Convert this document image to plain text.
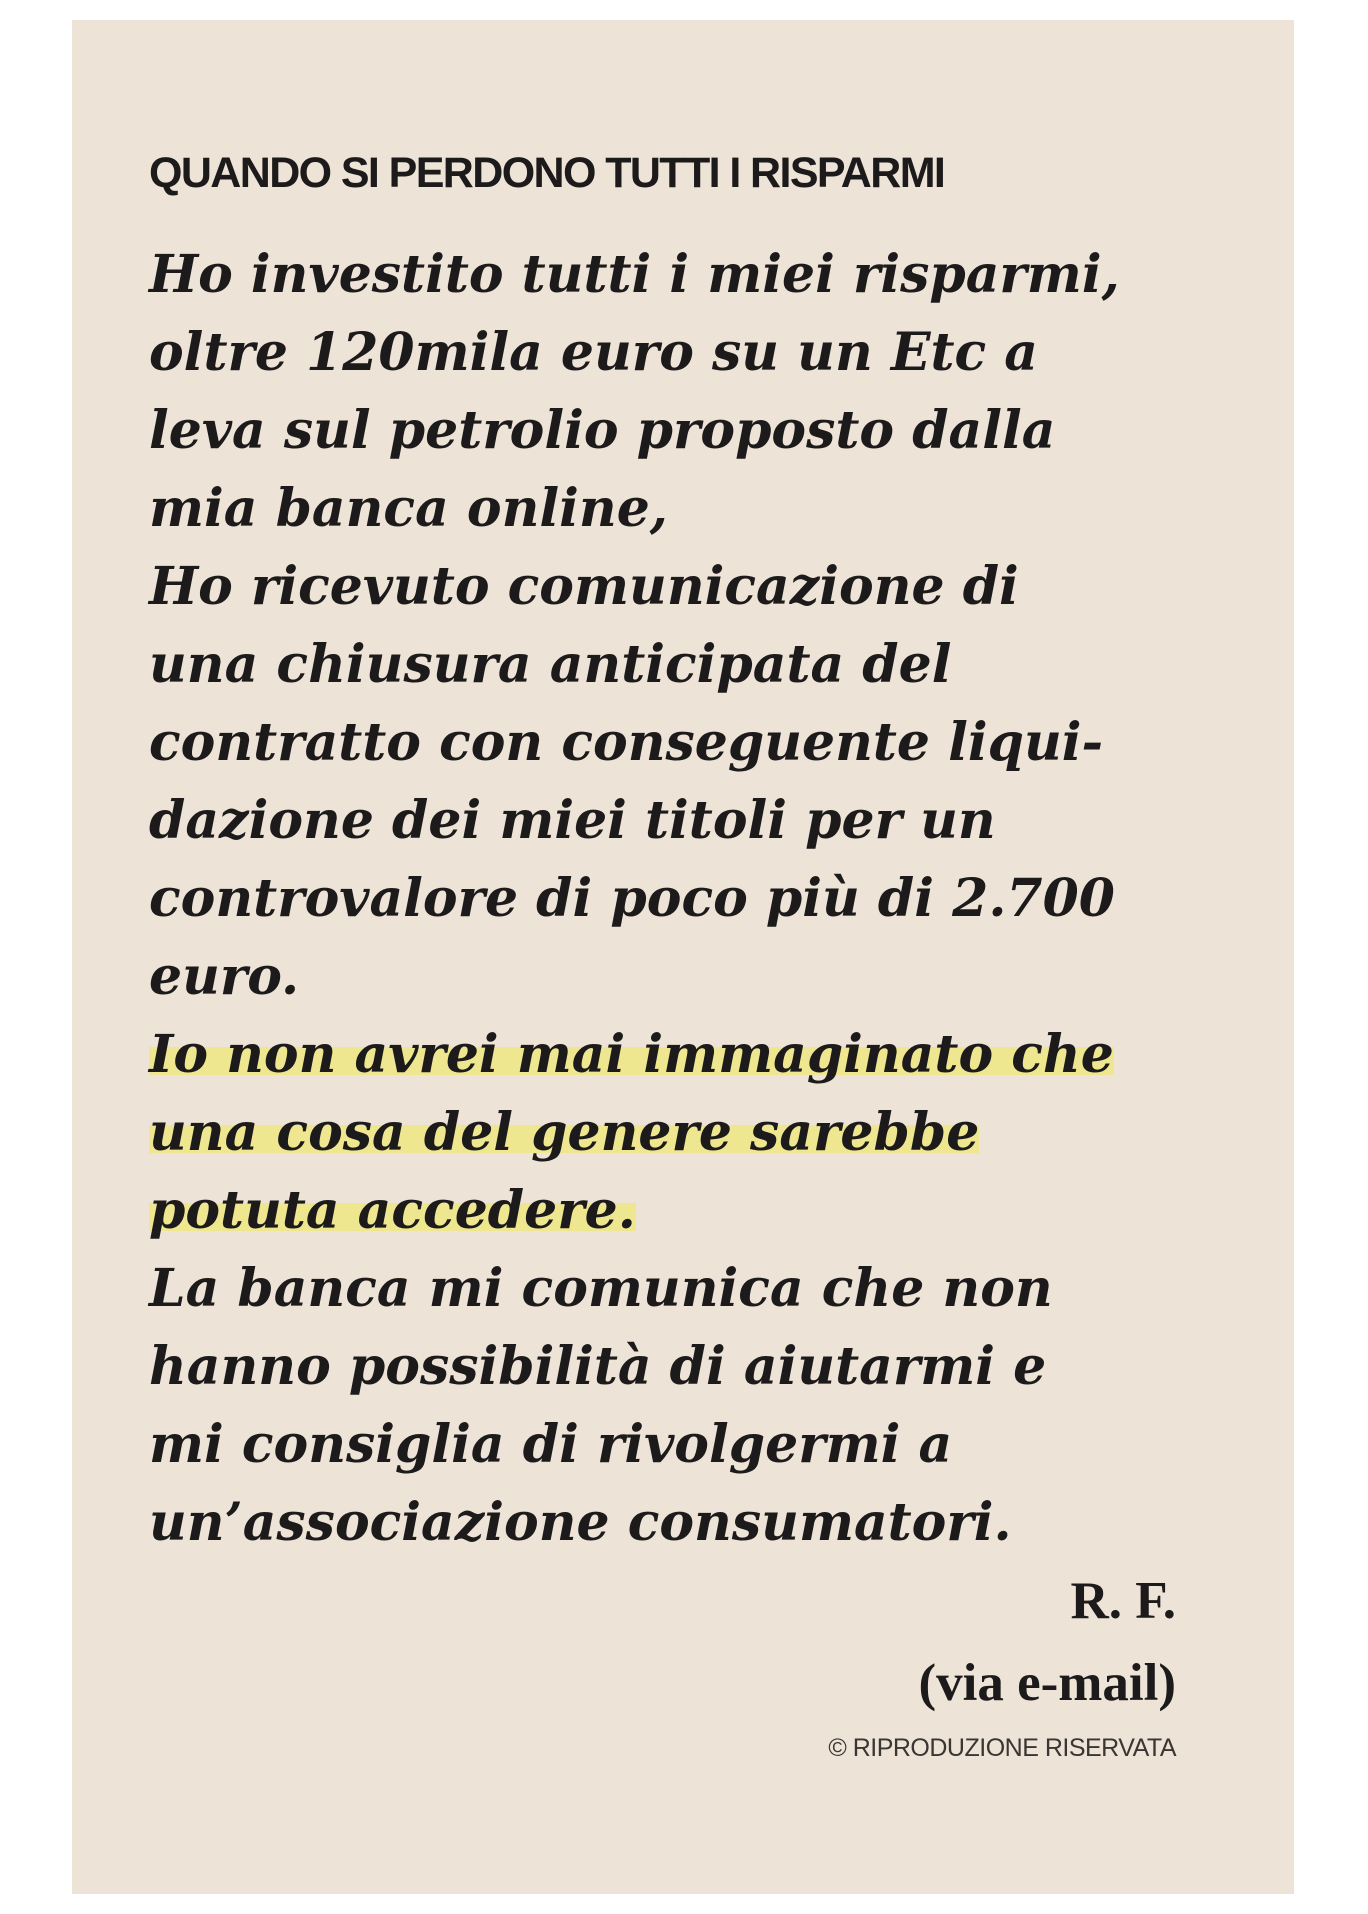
QUANDO SI PERDONO TUTTI I RISPARMI

Ho investito tutti i miei risparmi,
oltre 120mila euro su un Etc a
leva sul petrolio proposto dalla
mia banca online,
Ho ricevuto comunicazione di
una chiusura anticipata del
contratto con conseguente liqui-
dazione dei miei titoli per un
controvalore di poco più di 2.700
euro.
Io non avrei mai immaginato che
una cosa del genere sarebbe
potuta accedere.
La banca mi comunica che non
hanno possibilità di aiutarmi e
mi consiglia di rivolgermi a
un’associazione consumatori.

R. F.
(via e-mail)

© RIPRODUZIONE RISERVATA
